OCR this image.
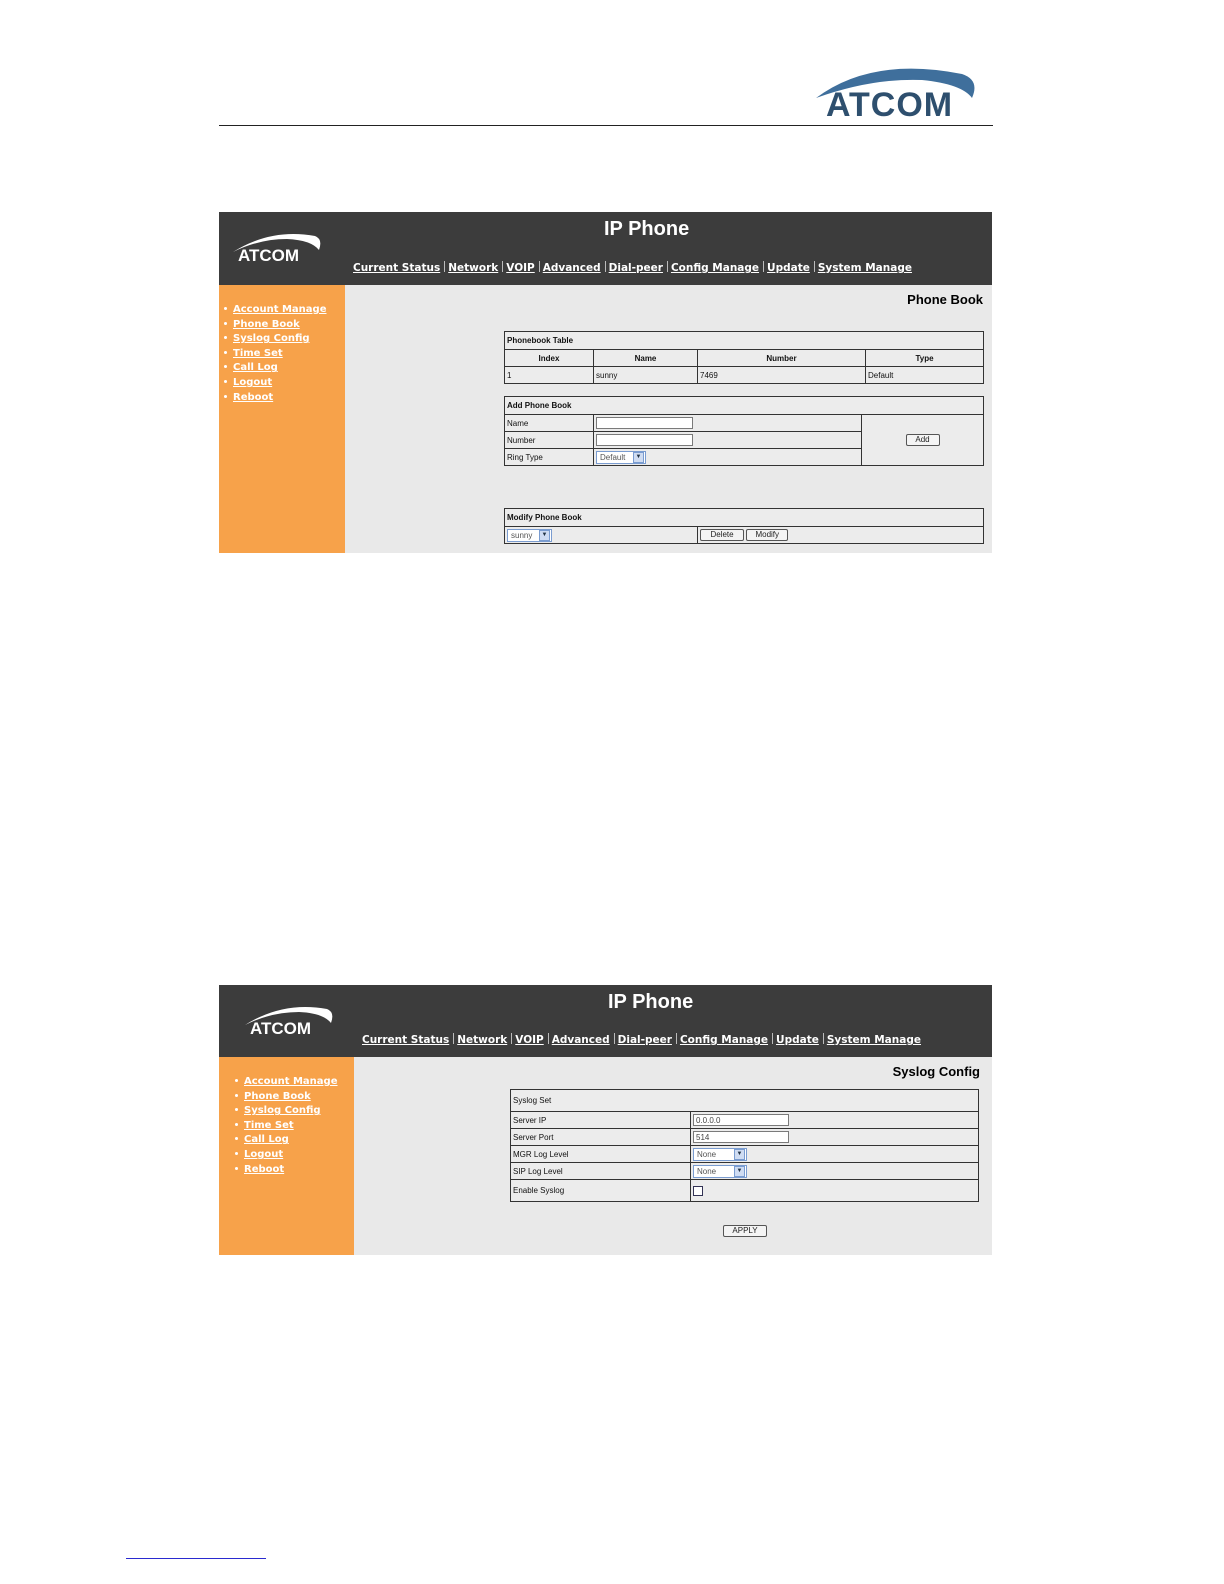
ATCOM
ATCOM
IP Phone
Current Status Network VOIP Advanced Dial-peer Config Manage Update System Manage
Account Manage
Phone Book
Syslog Config
Time Set
Call Log
Logout
Reboot
Phone Book
Phonebook Table			
Index	Name	Number	Type
1	sunny	7469	Default
Add Phone Book		
Name		Add
Number		
Ring Type	Default ▼	
Modify Phone Book

sunny	▼	Delete	Modify
ATCOM
IP Phone
Current Status Network VOIP Advanced Dial-peer Config Manage Update System Manage
Account Manage
Phone Book
Syslog Config
Time Set
Call Log
Logout
Reboot
Syslog Config
Syslog Set	
Server IP	0.0.0.0
Server Port	514
MGR Log Level	None ▼

SIP Log Level	None ▼

Enable Syslog	
APPLY
